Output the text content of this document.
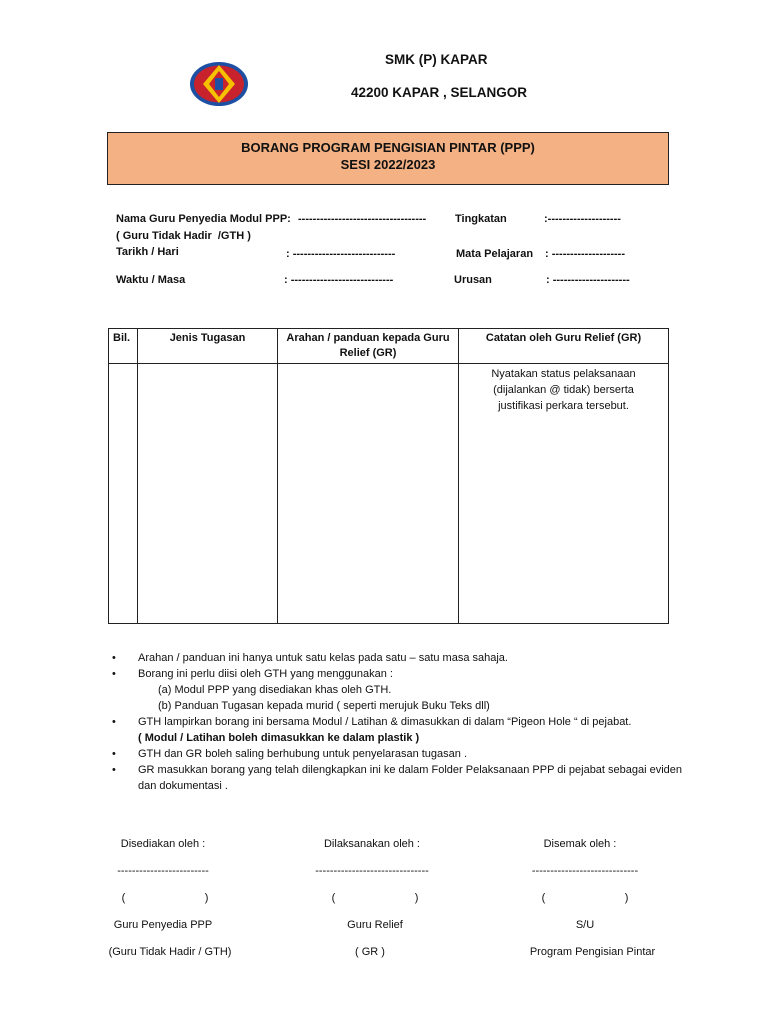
SMK (P) KAPAR
42200 KAPAR , SELANGOR
BORANG PROGRAM PENGISIAN PINTAR (PPP)
SESI 2022/2023
Nama Guru Penyedia Modul PPP: -----------------------------------
( Guru Tidak Hadir  /GTH )
Tarikh / Hari	: ----------------------------
Waktu / Masa	: ----------------------------
Tingkatan	:--------------------
Mata Pelajaran : --------------------
Urusan	: ---------------------
Bil.	Jenis Tugasan	Arahan / panduan kepada Guru Relief (GR)	Catatan oleh Guru Relief (GR)

			Nyatakan status pelaksanaan (dijalankan @ tidak) berserta justifikasi perkara tersebut.
• Arahan / panduan ini hanya untuk satu kelas pada satu – satu masa sahaja.
• Borang ini perlu diisi oleh GTH yang menggunakan :
(a) Modul PPP yang disediakan khas oleh GTH.
(b) Panduan Tugasan kepada murid ( seperti merujuk Buku Teks dll)
• GTH lampirkan borang ini bersama Modul / Latihan & dimasukkan di dalam “Pigeon Hole “ di pejabat.
( Modul / Latihan boleh dimasukkan ke dalam plastik )
• GTH dan GR boleh saling berhubung untuk penyelarasan tugasan .
• GR masukkan borang yang telah dilengkapkan ini ke dalam Folder Pelaksanaan PPP di pejabat sebagai eviden dan dokumentasi .
Disediakan oleh :	Dilaksanakan oleh :	Disemak oleh :
-------------------------	-------------------------------	-----------------------------
(                          )	(                          )	(                          )
Guru Penyedia PPP	Guru Relief	S/U
(Guru Tidak Hadir / GTH)	( GR )	Program Pengisian Pintar
